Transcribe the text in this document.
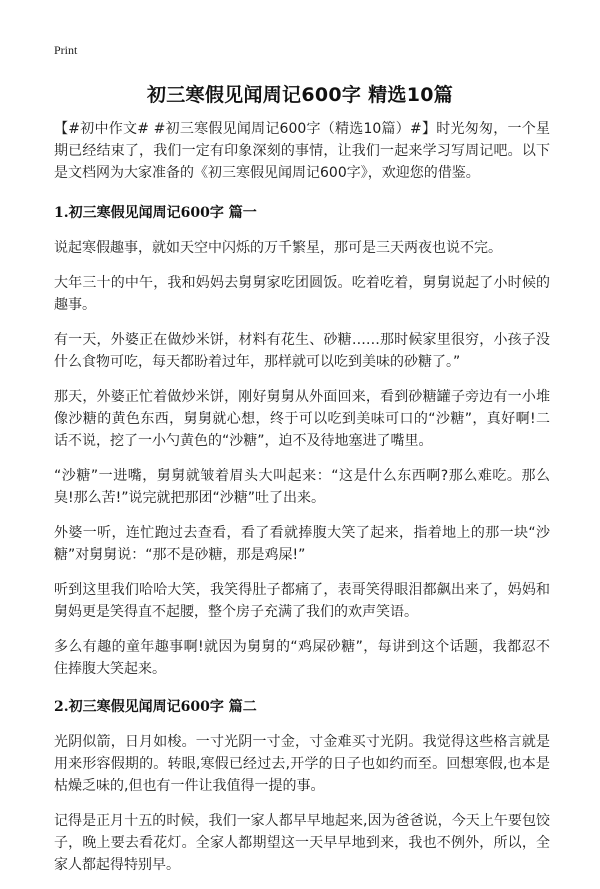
Print
初三寒假见闻周记600字 精选10篇

【#初中作文# #初三寒假见闻周记600字（精选10篇）#】时光匆匆，一个星期已经结束了，我们一定有印象深刻的事情，让我们一起来学习写周记吧。以下是文档网为大家准备的《初三寒假见闻周记600字》，欢迎您的借鉴。

1.初三寒假见闻周记600字 篇一

说起寒假趣事，就如天空中闪烁的万千繁星，那可是三天两夜也说不完。

大年三十的中午，我和妈妈去舅舅家吃团圆饭。吃着吃着，舅舅说起了小时候的趣事。

有一天，外婆正在做炒米饼，材料有花生、砂糖……那时候家里很穷，小孩子没什么食物可吃，每天都盼着过年，那样就可以吃到美味的砂糖了。”

那天，外婆正忙着做炒米饼，刚好舅舅从外面回来，看到砂糖罐子旁边有一小堆像沙糖的黄色东西，舅舅就心想，终于可以吃到美味可口的“沙糖”，真好啊!二话不说，挖了一小勺黄色的“沙糖”，迫不及待地塞进了嘴里。

“沙糖”一进嘴，舅舅就皱着眉头大叫起来：“这是什么东西啊?那么难吃。那么臭!那么苦!”说完就把那团“沙糖”吐了出来。

外婆一听，连忙跑过去查看，看了看就捧腹大笑了起来，指着地上的那一块“沙糖”对舅舅说：“那不是砂糖，那是鸡屎!”

听到这里我们哈哈大笑，我笑得肚子都痛了，表哥笑得眼泪都飙出来了，妈妈和舅妈更是笑得直不起腰，整个房子充满了我们的欢声笑语。

多么有趣的童年趣事啊!就因为舅舅的“鸡屎砂糖”，每讲到这个话题，我都忍不住捧腹大笑起来。

2.初三寒假见闻周记600字 篇二

光阴似箭，日月如梭。一寸光阴一寸金，寸金难买寸光阴。我觉得这些格言就是用来形容假期的。转眼,寒假已经过去,开学的日子也如约而至。回想寒假,也本是枯燥乏味的,但也有一件让我值得一提的事。

记得是正月十五的时候，我们一家人都早早地起来,因为爸爸说，今天上午要包饺子，晚上要去看花灯。全家人都期望这一天早早地到来，我也不例外，所以，全家人都起得特别早。
